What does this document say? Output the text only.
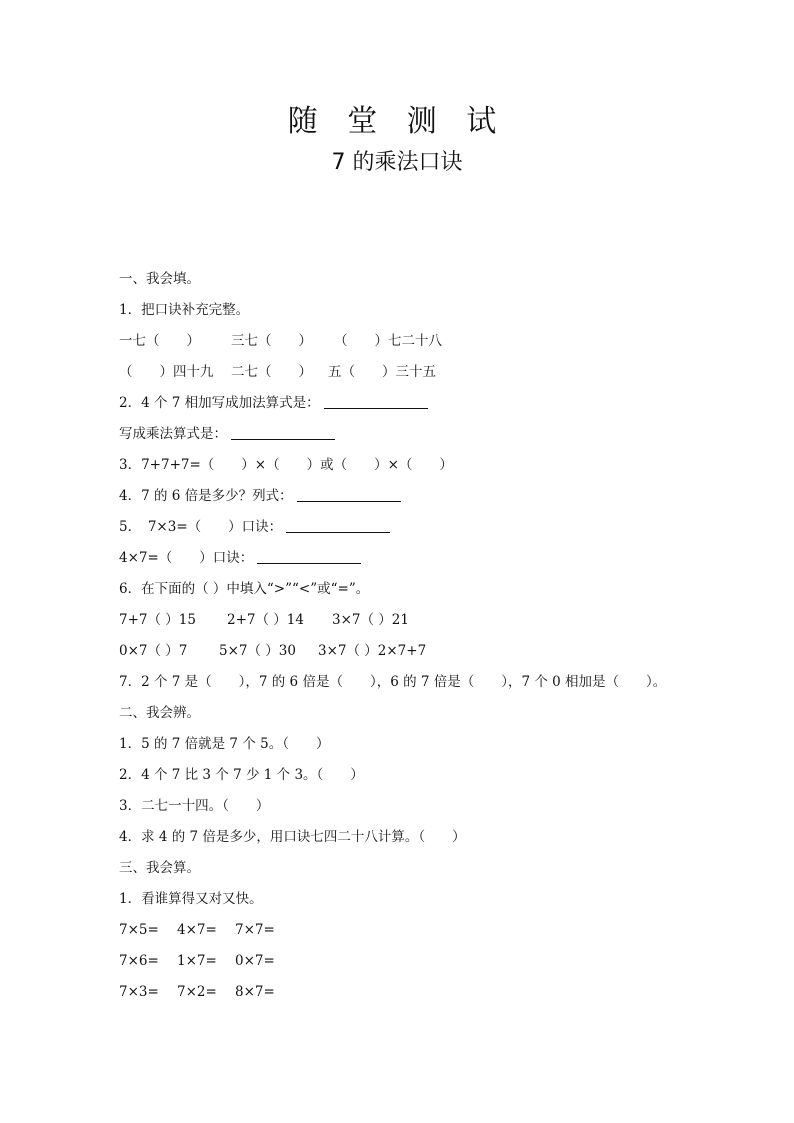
随 堂 测 试
7 的乘法口诀
一、我会填。
1．把口诀补充完整。
一七（　　） 三七（　　） （　　）七二十八
（　　）四十九 二七（　　） 五（　　）三十五
2．4 个 7 相加写成加法算式是：
写成乘法算式是：
3．7+7+7=（　　）×（　　）或（　　）×（　　）
4．7 的 6 倍是多少？列式：
5．　7×3=（　　）口诀：
4×7=（　　）口诀：
6．在下面的（ ）中填入“>”“<”或“=”。
7+7（ ）15 2+7（ ）14 3×7（ ）21
0×7（ ）7 5×7（ ）30 3×7（ ）2×7+7
7．2 个 7 是（　　），7 的 6 倍是（　　），6 的 7 倍是（　　），7 个 0 相加是（　　）。
二、我会辨。
1．5 的 7 倍就是 7 个 5。（　　）
2．4 个 7 比 3 个 7 少 1 个 3。（　　）
3．二七一十四。（　　）
4．求 4 的 7 倍是多少，用口诀七四二十八计算。（　　）
三、我会算。
1．看谁算得又对又快。
7×5= 4×7= 7×7=
7×6= 1×7= 0×7=
7×3= 7×2= 8×7=
